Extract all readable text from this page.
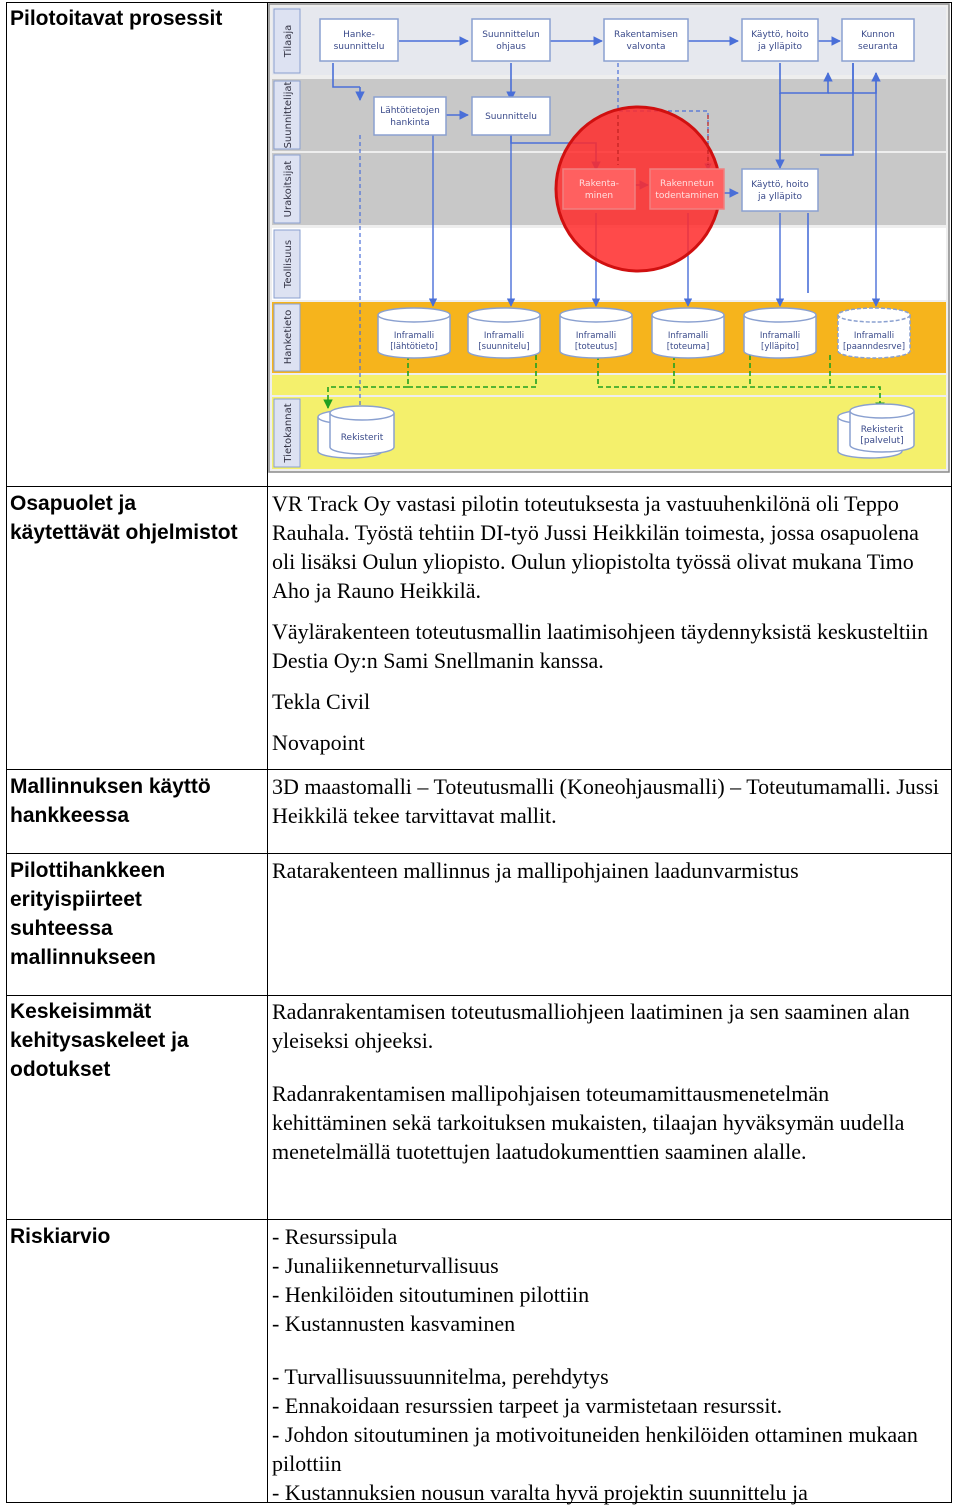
Pilotoitavat prosessit
Tilaaja
Suunnittelijat
Urakoitsijat
Teollisuus
Hanketieto
Tietokannat
Hanke-
suunnittelu
Suunnittelun
ohjaus
Rakentamisen
valvonta
Käyttö, hoito
ja ylläpito
Kunnon
seuranta
Lähtötietojen
hankinta
Suunnittelu
Rakenta-
minen
Rakennetun
todentaminen
Käyttö, hoito
ja ylläpito
Inframalli
[lähtötieto]
Inframalli
[suunnitelu]
Inframalli
[toteutus]
Inframalli
[toteuma]
Inframalli
[ylläpito]
Inframalli
[paanndesrve]
Rekisterit
Rekisterit
[palvelut]
Osapuolet ja käytettävät ohjelmistot

VR Track Oy vastasi pilotin toteutuksesta ja vastuuhenkilönä oli Teppo Rauhala. Työstä tehtiin DI-työ Jussi Heikkilän toimesta, jossa osapuolena oli lisäksi Oulun yliopisto. Oulun yliopistolta työssä olivat mukana Timo Aho ja Rauno Heikkilä.

Väylärakenteen toteutusmallin laatimisohjeen täydennyksistä keskusteltiin Destia Oy:n Sami Snellmanin kanssa.

Tekla Civil

Novapoint

Mallinnuksen käyttö hankkeessa

3D maastomalli – Toteutusmalli (Koneohjausmalli) – Toteutumamalli. Jussi Heikkilä tekee tarvittavat mallit.

Pilottihankkeen erityispiirteet suhteessa mallinnukseen

Ratarakenteen mallinnus ja mallipohjainen laadunvarmistus

Keskeisimmät kehitysaskeleet ja odotukset

Radanrakentamisen toteutusmalliohjeen laatiminen ja sen saaminen alan yleiseksi ohjeeksi.

Radanrakentamisen mallipohjaisen toteumamittausmenetelmän kehittäminen sekä tarkoituksen mukaisten, tilaajan hyväksymän uudella menetelmällä tuotettujen laatudokumenttien saaminen alalle.

Riskiarvio	- Resurssipula

- Junaliikenneturvallisuus

- Henkilöiden sitoutuminen pilottiin

- Kustannusten kasvaminen

- Turvallisuussuunnitelma, perehdytys

- Ennakoidaan resurssien tarpeet ja varmistetaan resurssit.

- Johdon sitoutuminen ja motivoituneiden henkilöiden ottaminen mukaan pilottiin

- Kustannuksien nousun varalta hyvä projektin suunnittelu ja
